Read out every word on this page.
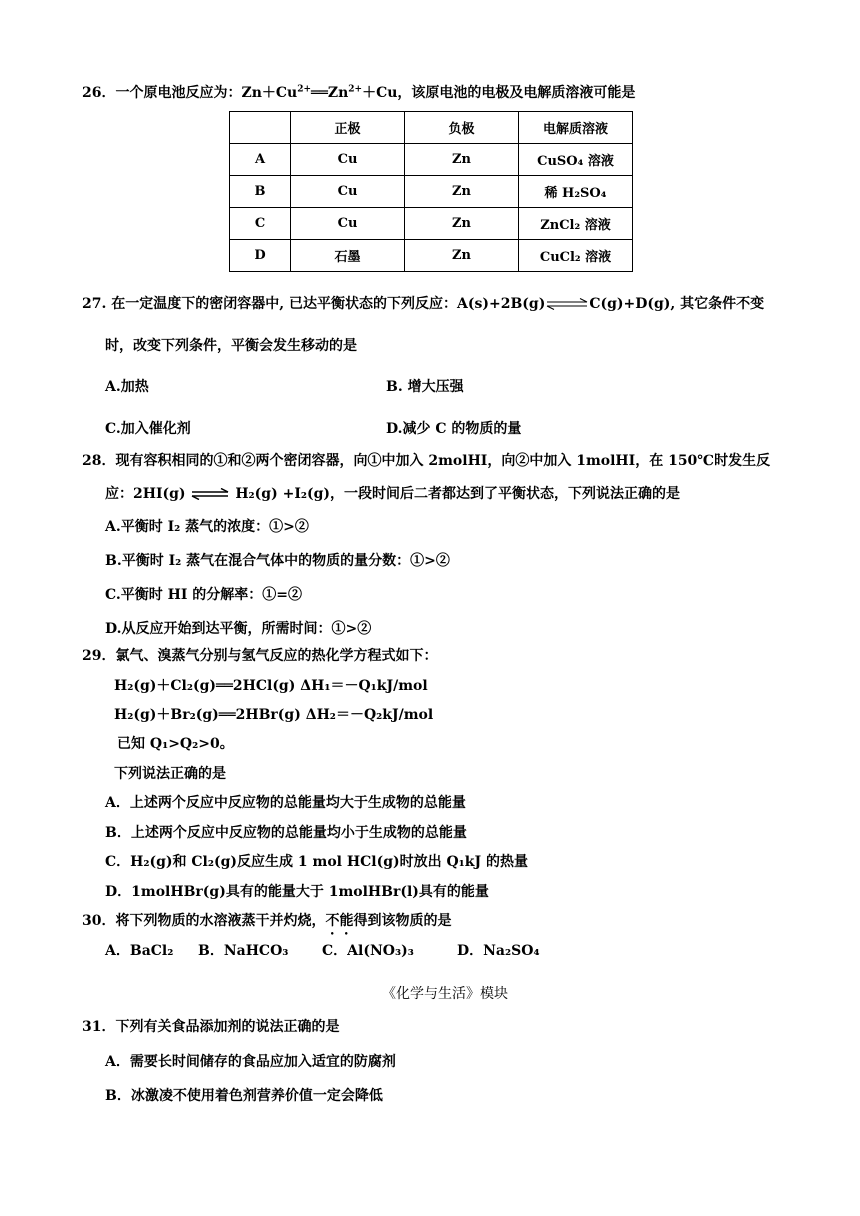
26．一个原电池反应为：$Zn+Cu^{2+}══Zn^{2+}+Cu$，该原电池的电极及电解质溶液可能是
	正极	负极	电解质溶液
A	Cu	Zn	CuSO₄ 溶液
B	Cu	Zn	稀 H₂SO₄
C	Cu	Zn	ZnCl₂ 溶液
D	石墨	Zn	CuCl₂ 溶液
27. 在一定温度下的密闭容器中, 已达平衡状态的下列反应：A(s)+2B(g)⇌C(g)+D(g), 其它条件不变
时，改变下列条件，平衡会发生移动的是
A.加热	B. 增大压强
C.加入催化剂	D.减少 C 的物质的量
28．现有容积相同的①和②两个密闭容器，向①中加入 2molHI，向②中加入 1molHI，在 150℃时发生反
应：2HI(g) ⇌ H₂(g) +I₂(g)，一段时间后二者都达到了平衡状态，下列说法正确的是
A.平衡时 I₂ 蒸气的浓度：①>②
B.平衡时 I₂ 蒸气在混合气体中的物质的量分数：①>②
C.平衡时 HI 的分解率：①=②
D.从反应开始到达平衡，所需时间：①>②
29．氯气、溴蒸气分别与氢气反应的热化学方程式如下：
H₂(g)＋Cl₂(g)══2HCl(g) ΔH₁＝－Q₁kJ/mol
H₂(g)＋Br₂(g)══2HBr(g) ΔH₂＝－Q₂kJ/mol
已知 Q₁>Q₂>0。
下列说法正确的是
A．上述两个反应中反应物的总能量均大于生成物的总能量
B．上述两个反应中反应物的总能量均小于生成物的总能量
C．H₂(g)和 Cl₂(g)反应生成 1 mol HCl(g)时放出 Q₁kJ 的热量
D．1molHBr(g)具有的能量大于 1molHBr(l)具有的能量
30．将下列物质的水溶液蒸干并灼烧，不能得到该物质的是
A．BaCl₂ B．NaHCO₃ C．Al(NO₃)₃	D．Na₂SO₄
《化学与生活》模块
31．下列有关食品添加剂的说法正确的是
A．需要长时间储存的食品应加入适宜的防腐剂
B．冰激凌不使用着色剂营养价值一定会降低
